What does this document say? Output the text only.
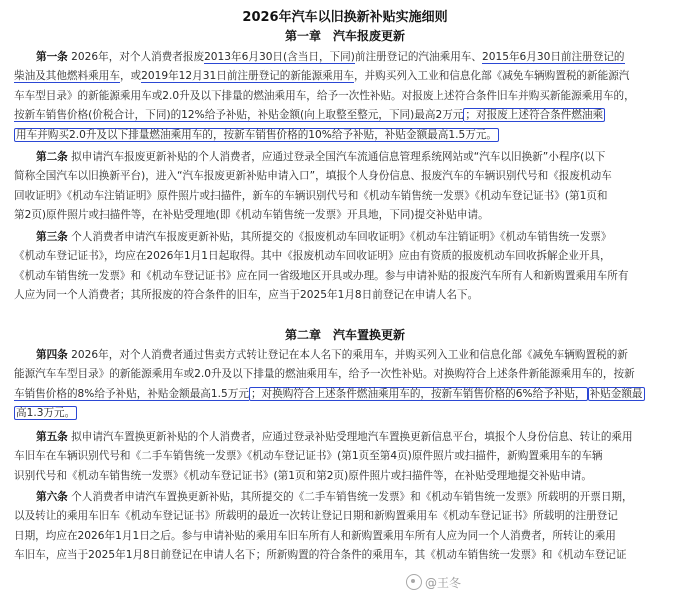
2026年汽车以旧换新补贴实施细则
第一章　汽车报废更新
第一条 2026年，对个人消费者报废2013年6月30日(含当日，下同)前注册登记的汽油乘用车、2015年6月30日前注册登记的
柴油及其他燃料乘用车，或2019年12月31日前注册登记的新能源乘用车，并购买列入工业和信息化部《减免车辆购置税的新能源汽
车车型目录》的新能源乘用车或2.0升及以下排量的燃油乘用车，给予一次性补贴。对报废上述符合条件旧车并购买新能源乘用车的，
按新车销售价格(价税合计，下同)的12%给予补贴，补贴金额(向上取整至整元，下同)最高2万元 ；对报废上述符合条件燃油乘
用车并购买2.0升及以下排量燃油乘用车的，按新车销售价格的10%给予补贴，补贴金额最高1.5万元。
第二条 拟申请汽车报废更新补贴的个人消费者，应通过登录全国汽车流通信息管理系统网站或“汽车以旧换新”小程序(以下
简称全国汽车以旧换新平台)，进入“汽车报废更新补贴申请入口”，填报个人身份信息、报废汽车的车辆识别代号和《报废机动车
回收证明》《机动车注销证明》原件照片或扫描件，新车的车辆识别代号和《机动车销售统一发票》《机动车登记证书》(第1页和
第2页)原件照片或扫描件等，在补贴受理地(即《机动车销售统一发票》开具地，下同)提交补贴申请。
第三条 个人消费者申请汽车报废更新补贴，其所提交的《报废机动车回收证明》《机动车注销证明》《机动车销售统一发票》
《机动车登记证书》，均应在2026年1月1日起取得。其中《报废机动车回收证明》应由有资质的报废机动车回收拆解企业开具，
《机动车销售统一发票》和《机动车登记证书》应在同一省级地区开具或办理。参与申请补贴的报废汽车所有人和新购置乘用车所有
人应为同一个人消费者；其所报废的符合条件的旧车，应当于2025年1月8日前登记在申请人名下。
第二章　汽车置换更新
第四条 2026年，对个人消费者通过售卖方式转让登记在本人名下的乘用车，并购买列入工业和信息化部《减免车辆购置税的新
能源汽车车型目录》的新能源乘用车或2.0升及以下排量的燃油乘用车，给予一次性补贴。对换购符合上述条件新能源乘用车的，按新
车销售价格的8%给予补贴，补贴金额最高1.5万元 ；对换购符合上述条件燃油乘用车的，按新车销售价格的6%给予补贴， 补贴金额最
高1.3万元。
第五条 拟申请汽车置换更新补贴的个人消费者，应通过登录补贴受理地汽车置换更新信息平台，填报个人身份信息、转让的乘用
车旧车在车辆识别代号和《二手车销售统一发票》《机动车登记证书》(第1页至第4页)原件照片或扫描件，新购置乘用车的车辆
识别代号和《机动车销售统一发票》《机动车登记证书》(第1页和第2页)原件照片或扫描件等，在补贴受理地提交补贴申请。
第六条 个人消费者申请汽车置换更新补贴，其所提交的《二手车销售统一发票》和《机动车销售统一发票》所载明的开票日期，
以及转让的乘用车旧车《机动车登记证书》所载明的最近一次转让登记日期和新购置乘用车《机动车登记证书》所载明的注册登记
日期，均应在2026年1月1日之后。参与申请补贴的乘用车旧车所有人和新购置乘用车所有人应为同一个人消费者，所转让的乘用
车旧车，应当于2025年1月8日前登记在申请人名下；所新购置的符合条件的乘用车，其《机动车销售统一发票》和《机动车登记证
@王冬
